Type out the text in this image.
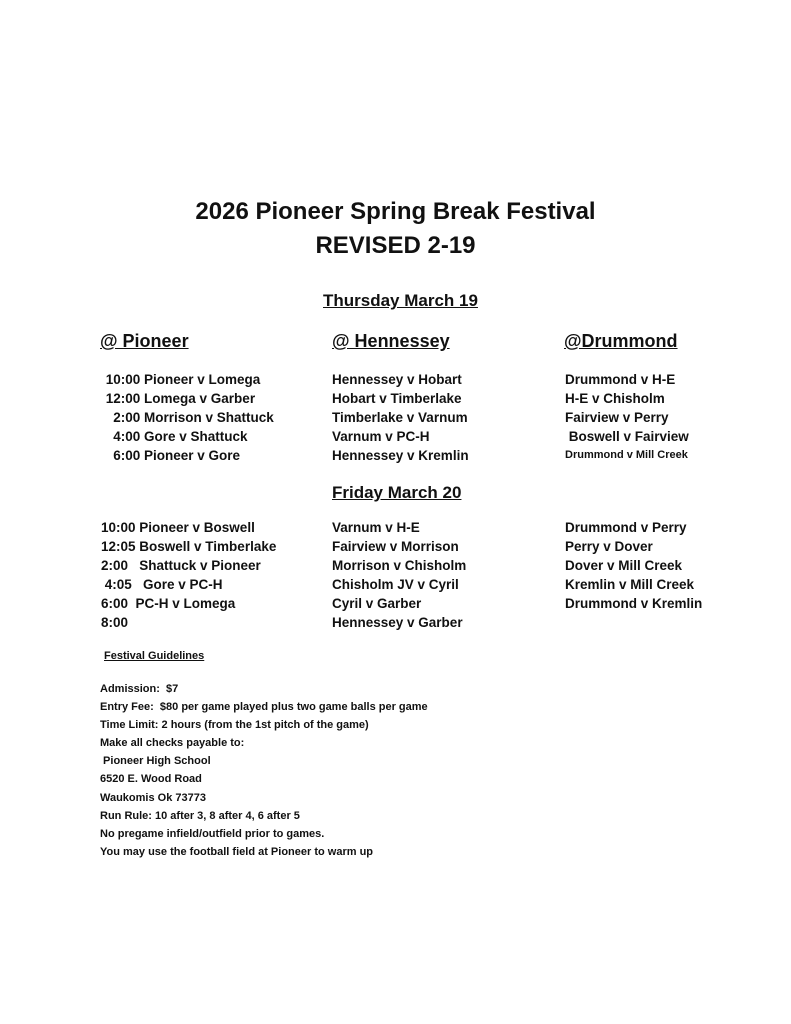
2026 Pioneer Spring Break Festival
REVISED 2-19
Thursday March 19
@ Pioneer	@ Hennessey	@Drummond
10:00 Pioneer v Lomega
12:00 Lomega v Garber
2:00 Morrison v Shattuck
4:00 Gore v Shattuck
6:00 Pioneer v Gore
Hennessey v Hobart
Hobart v Timberlake
Timberlake v Varnum
Varnum v PC-H
Hennessey v Kremlin
Drummond v H-E
H-E v Chisholm
Fairview v Perry
Boswell v Fairview
Drummond v Mill Creek
Friday March 20
10:00 Pioneer v Boswell
12:05 Boswell v Timberlake
2:00   Shattuck v Pioneer
4:05   Gore v PC-H
6:00  PC-H v Lomega
8:00
Varnum v H-E
Fairview v Morrison
Morrison v Chisholm
Chisholm JV v Cyril
Cyril v Garber
Hennessey v Garber
Drummond v Perry
Perry v Dover
Dover v Mill Creek
Kremlin v Mill Creek
Drummond v Kremlin
Festival Guidelines
Admission:  $7
Entry Fee:  $80 per game played plus two game balls per game
Time Limit: 2 hours (from the 1st pitch of the game)
Make all checks payable to:
Pioneer High School
6520 E. Wood Road
Waukomis Ok 73773
Run Rule: 10 after 3, 8 after 4, 6 after 5
No pregame infield/outfield prior to games.
You may use the football field at Pioneer to warm up
